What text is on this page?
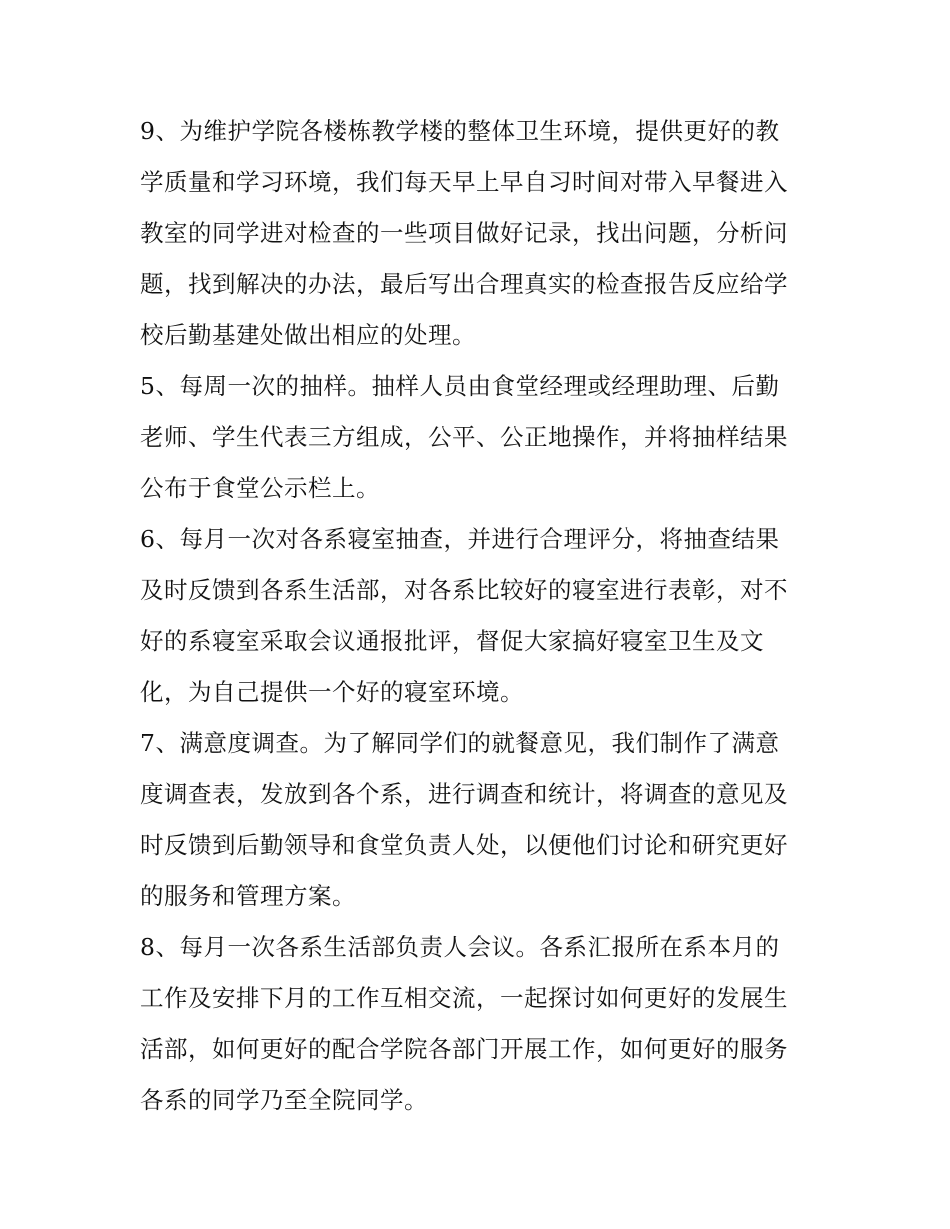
9、为维护学院各楼栋教学楼的整体卫生环境，提供更好的教
学质量和学习环境，我们每天早上早自习时间对带入早餐进入
教室的同学进对检查的一些项目做好记录，找出问题，分析问
题，找到解决的办法，最后写出合理真实的检查报告反应给学
校后勤基建处做出相应的处理。

5、每周一次的抽样。抽样人员由食堂经理或经理助理、后勤
老师、学生代表三方组成，公平、公正地操作，并将抽样结果
公布于食堂公示栏上。

6、每月一次对各系寝室抽查，并进行合理评分，将抽查结果
及时反馈到各系生活部，对各系比较好的寝室进行表彰，对不
好的系寝室采取会议通报批评，督促大家搞好寝室卫生及文
化，为自己提供一个好的寝室环境。

7、满意度调查。为了解同学们的就餐意见，我们制作了满意
度调查表，发放到各个系，进行调查和统计，将调查的意见及
时反馈到后勤领导和食堂负责人处，以便他们讨论和研究更好
的服务和管理方案。

8、每月一次各系生活部负责人会议。各系汇报所在系本月的
工作及安排下月的工作互相交流，一起探讨如何更好的发展生
活部，如何更好的配合学院各部门开展工作，如何更好的服务
各系的同学乃至全院同学。
